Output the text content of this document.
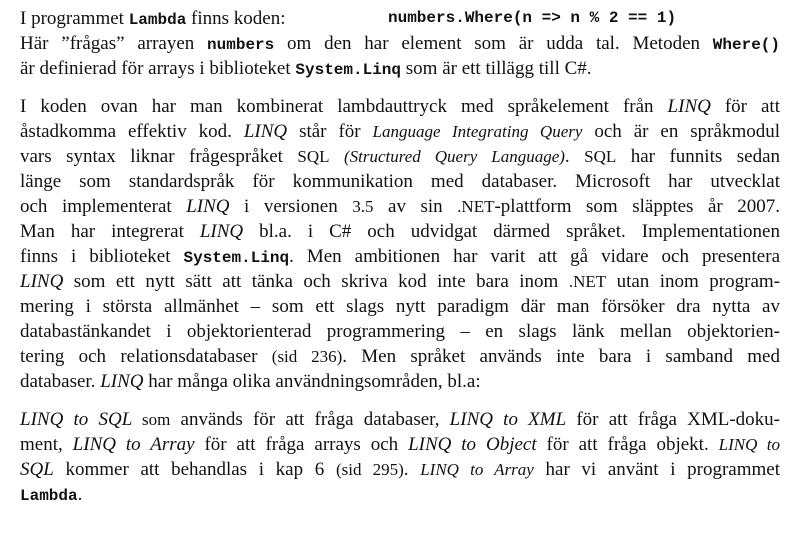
I programmet Lambda finns koden:	numbers.Where(n => n % 2 == 1)
Här ”frågas” arrayen numbers om den har element som är udda tal. Metoden Where()
är definierad för arrays i biblioteket System.Linq som är ett tillägg till C#.
I koden ovan har man kombinerat lambdauttryck med språkelement från LINQ för att
åstadkomma effektiv kod. LINQ står för Language Integrating Query och är en språkmodul
vars syntax liknar frågespråket SQL (Structured Query Language). SQL har funnits sedan
länge som standardspråk för kommunikation med databaser. Microsoft har utvecklat
och implementerat LINQ i versionen 3.5 av sin .NET-plattform som släpptes år 2007.
Man har integrerat LINQ bl.a. i C# och udvidgat därmed språket. Implementationen
finns i biblioteket System.Linq. Men ambitionen har varit att gå vidare och presentera
LINQ som ett nytt sätt att tänka och skriva kod inte bara inom .NET utan inom program-
mering i största allmänhet – som ett slags nytt paradigm där man försöker dra nytta av
databastänkandet i objektorienterad programmering – en slags länk mellan objektorien-
tering och relationsdatabaser (sid 236). Men språket används inte bara i samband med
databaser. LINQ har många olika användningsområden, bl.a:
LINQ to SQL som används för att fråga databaser, LINQ to XML för att fråga XML-doku-
ment, LINQ to Array för att fråga arrays och LINQ to Object för att fråga objekt. LINQ to
SQL kommer att behandlas i kap 6 (sid 295). LINQ to Array har vi använt i programmet
Lambda.
